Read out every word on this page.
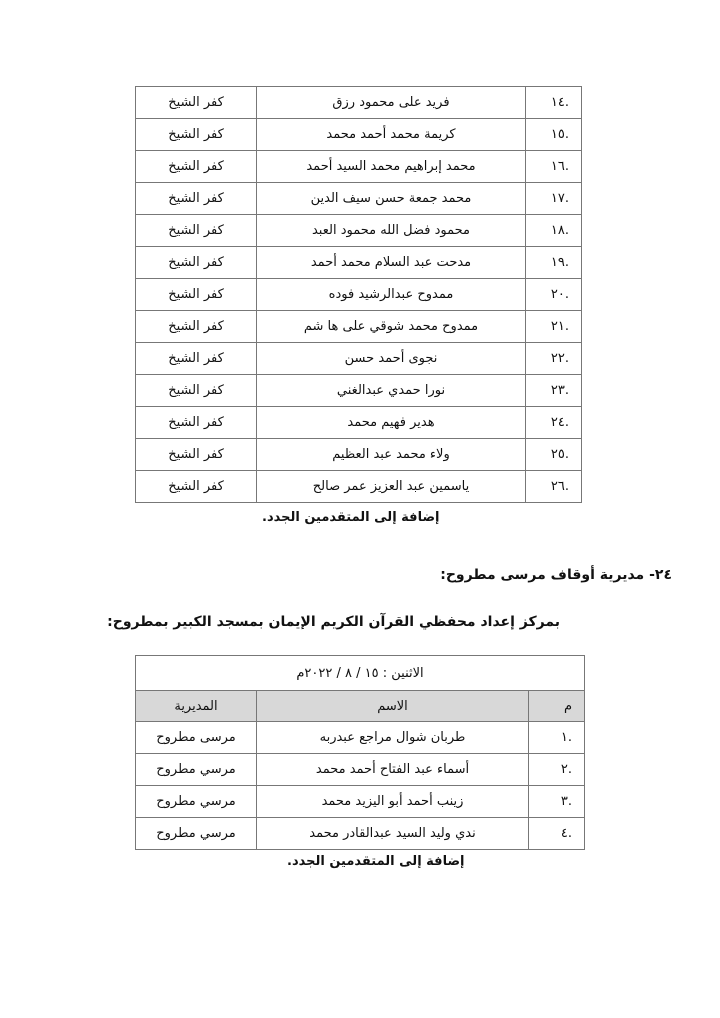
.١٤	فريد على محمود رزق	كفر الشيخ
.١٥	كريمة محمد أحمد محمد	كفر الشيخ
.١٦	محمد إبراهيم محمد السيد أحمد	كفر الشيخ
.١٧	محمد جمعة حسن سيف الدين	كفر الشيخ
.١٨	محمود فضل الله محمود العبد	كفر الشيخ
.١٩	مدحت عبد السلام محمد أحمد	كفر الشيخ
.٢٠	ممدوح عبدالرشيد فوده	كفر الشيخ
.٢١	ممدوح محمد شوقي على ها شم	كفر الشيخ
.٢٢	نجوى أحمد حسن	كفر الشيخ
.٢٣	نورا حمدي عبدالغني	كفر الشيخ
.٢٤	هدير فهيم محمد	كفر الشيخ
.٢٥	ولاء محمد عبد العظيم	كفر الشيخ
.٢٦	ياسمين عبد العزيز عمر صالح	كفر الشيخ
إضافة إلى المتقدمين الجدد.
٢٤- مديرية أوقاف مرسى مطروح:
بمركز إعداد محفظي القرآن الكريم الإيمان بمسجد الكبير بمطروح:
الاثنين : ١٥ / ٨ / ٢٠٢٢م		
م	الاسم	المديرية
.١	طربان شوال مراجع عبدربه	مرسى مطروح
.٢	أسماء عبد الفتاح أحمد محمد	مرسي مطروح
.٣	زينب أحمد أبو اليزيد محمد	مرسي مطروح
.٤	ندي وليد السيد عبدالقادر محمد	مرسي مطروح
إضافة إلى المتقدمين الجدد.
